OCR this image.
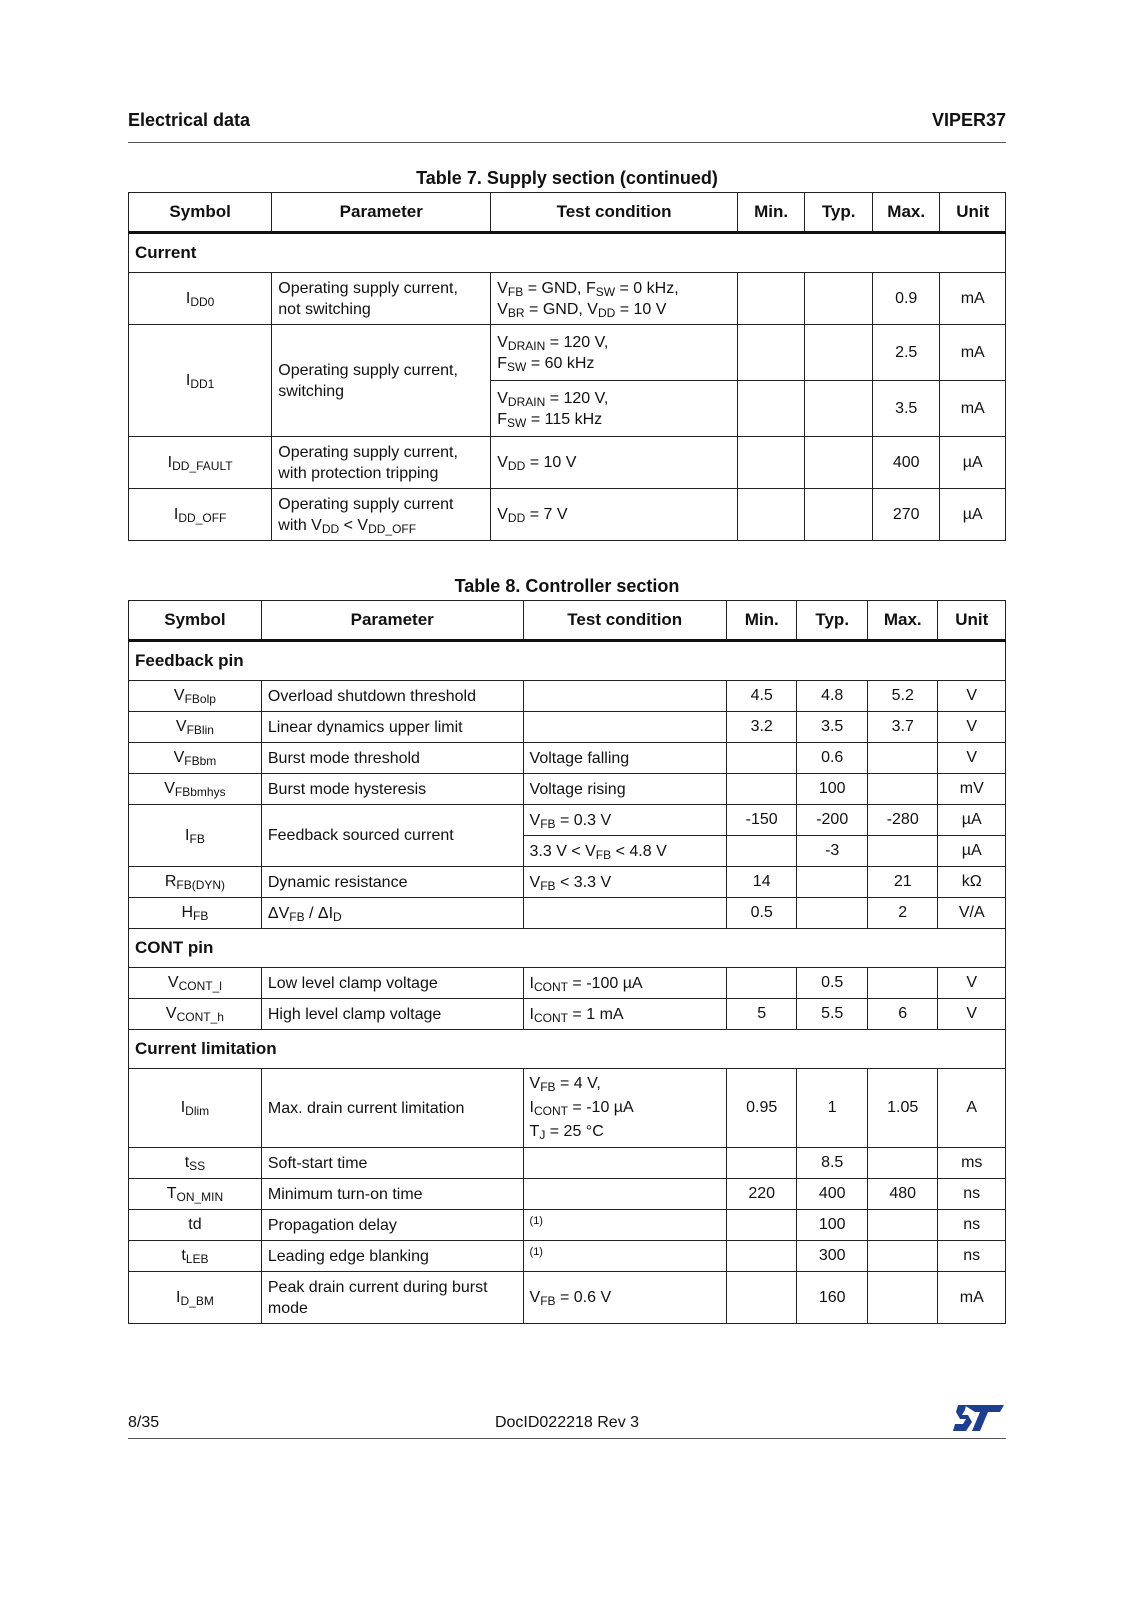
Electrical data	VIPER37
Table 7. Supply section (continued)
Symbol	Parameter	Test condition	Min.	Typ.	Max.	Unit
Current						
$I_{DD0}$	Operating supply current, not switching	$V_{FB}$ = GND, $F_{SW} = 0$ kHz,
$V_{BR}$ = GND, $V_{DD} = 10$ V			0.9	mA
$I_{DD1}$	Operating supply current, switching	$V_{DRAIN} = 120$ V,
$F_{SW} = 60$ kHz			2.5	mA
		$V_{DRAIN} = 120$ V,
$F_{SW} = 115$ kHz			3.5	mA
$I_{DD\_FAULT}$	Operating supply current, with protection tripping	$V_{DD} = 10$ V			400	µA
$I_{DD\_OFF}$	Operating supply current
with $V_{DD} < V_{DD\_OFF}$	$V_{DD} = 7$ V			270	µA
Table 8. Controller section
Symbol	Parameter	Test condition	Min.	Typ.	Max.	Unit
Feedback pin						
$V_{FBolp}$	Overload shutdown threshold		4.5	4.8	5.2	V
$V_{FBlin}$	Linear dynamics upper limit		3.2	3.5	3.7	V
$V_{FBbm}$	Burst mode threshold	Voltage falling		0.6		V
$V_{FBbmhys}$	Burst mode hysteresis	Voltage rising		100		mV
$I_{FB}$	Feedback sourced current	$V_{FB} = 0.3$ V	-150	-200	-280	µA
		3.3 $V < V_{FB} < 4.8$ V		-3		µA
$R_{FB(DYN)}$	Dynamic resistance	$V_{FB} < 3.3$ V	14		21	kΩ
$H_{FB}$	$\Delta V_{FB} / \Delta I_D$		0.5		2	V/A
CONT pin						
$V_{CONT\_l}$	Low level clamp voltage	$I_{CONT} = -100$ µA		0.5		V
$V_{CONT\_h}$	High level clamp voltage	$I_{CONT} = 1$ mA	5	5.5	6	V
Current limitation						
$I_{Dlim}$	Max. drain current limitation	$V_{FB} = 4$ V,
$I_{CONT} = -10$ µA
$T_J = 25$ °C	0.95	1	1.05	A
$t_{SS}$	Soft-start time			8.5		ms
$T_{ON\_MIN}$	Minimum turn-on time		220	400	480	ns
td	Propagation delay	$^{(1)}$		100		ns
$t_{LEB}$	Leading edge blanking	$^{(1)}$		300		ns
$I_{D\_BM}$	Peak drain current during burst mode	$V_{FB} = 0.6$ V		160		mA
8/35	DocID022218 Rev 3
